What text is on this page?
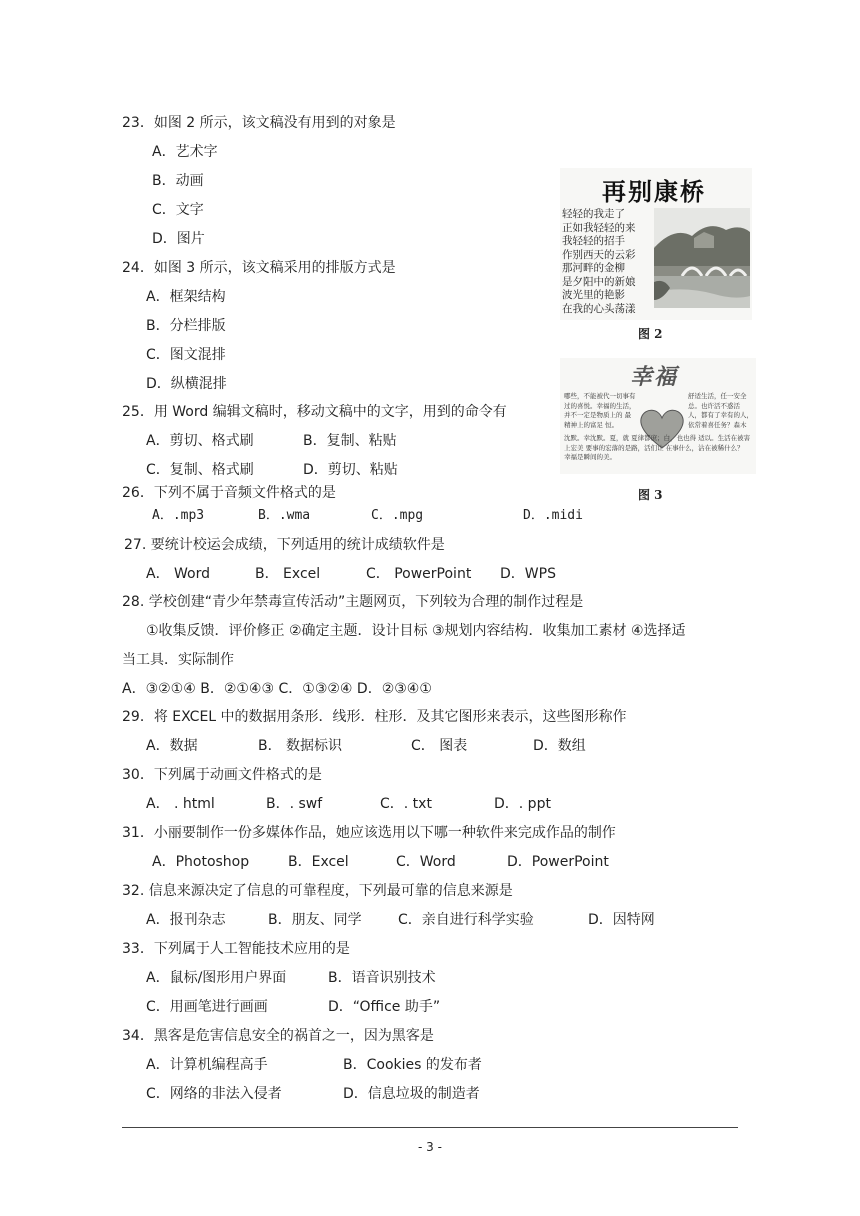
23．如图 2 所示，该文稿没有用到的对象是
A．艺术字
B．动画
C．文字
D．图片
24．如图 3 所示，该文稿采用的排版方式是
A．框架结构
B．分栏排版
C．图文混排
D．纵横混排
25．用 Word 编辑文稿时，移动文稿中的文字，用到的命令有
A．剪切、格式刷	B．复制、粘贴
C．复制、格式刷	D．剪切、粘贴
26．下列不属于音频文件格式的是
A．.mp3	B．.wma	C．.mpg	D．.midi
27. 要统计校运会成绩，下列适用的统计成绩软件是
A． Word	B． Excel	C． PowerPoint D．WPS
28. 学校创建“青少年禁毒宣传活动”主题网页，下列较为合理的制作过程是
①收集反馈．评价修正 ②确定主题．设计目标 ③规划内容结构．收集加工素材 ④选择适
当工具．实际制作
A．③②①④ B．②①④③ C．①③②④ D．②③④①
29．将 EXCEL 中的数据用条形．线形．柱形．及其它图形来表示，这些图形称作
A．数据	B． 数据标识	C． 图表	D．数组
30．下列属于动画文件格式的是
A． . html	B．. swf	C．. txt	D．. ppt
31．小丽要制作一份多媒体作品，她应该选用以下哪一种软件来完成作品的制作
A．Photoshop	B．Excel	C．Word	D．PowerPoint
32. 信息来源决定了信息的可靠程度，下列最可靠的信息来源是
A．报刊杂志	B．朋友、同学	C．亲自进行科学实验	D．因特网
33．下列属于人工智能技术应用的是
A．鼠标/图形用户界面	B．语音识别技术
C．用画笔进行画画	D．“Office 助手”
34．黑客是危害信息安全的祸首之一，因为黑客是
A．计算机编程高手	B．Cookies 的发布者
C．网络的非法入侵者	D．信息垃圾的制造者
再别康桥
轻轻的我走了
正如我轻轻的来
我轻轻的招手
作别西天的云彩
那河畔的金柳
是夕阳中的新娘
波光里的艳影
在我的心头荡漾
图 2
幸福
哪些，不能被代一切事有过的喜悦。幸福的生活，并不一定是物质上的 最精神上的富足 恒。
舒适生活，任一安全 总。也许活不惑活 人，都有了幸有的人， 依常着喜任务？森木
沈默。幸沈默。夏，就 夏律都庶；白，也也得 适以。生活在被害上宏美 要事的宏落的是路，活们让 在事什么，沾在被稀什么？ 幸福是瞬间的美。
图 3
- 3 -
